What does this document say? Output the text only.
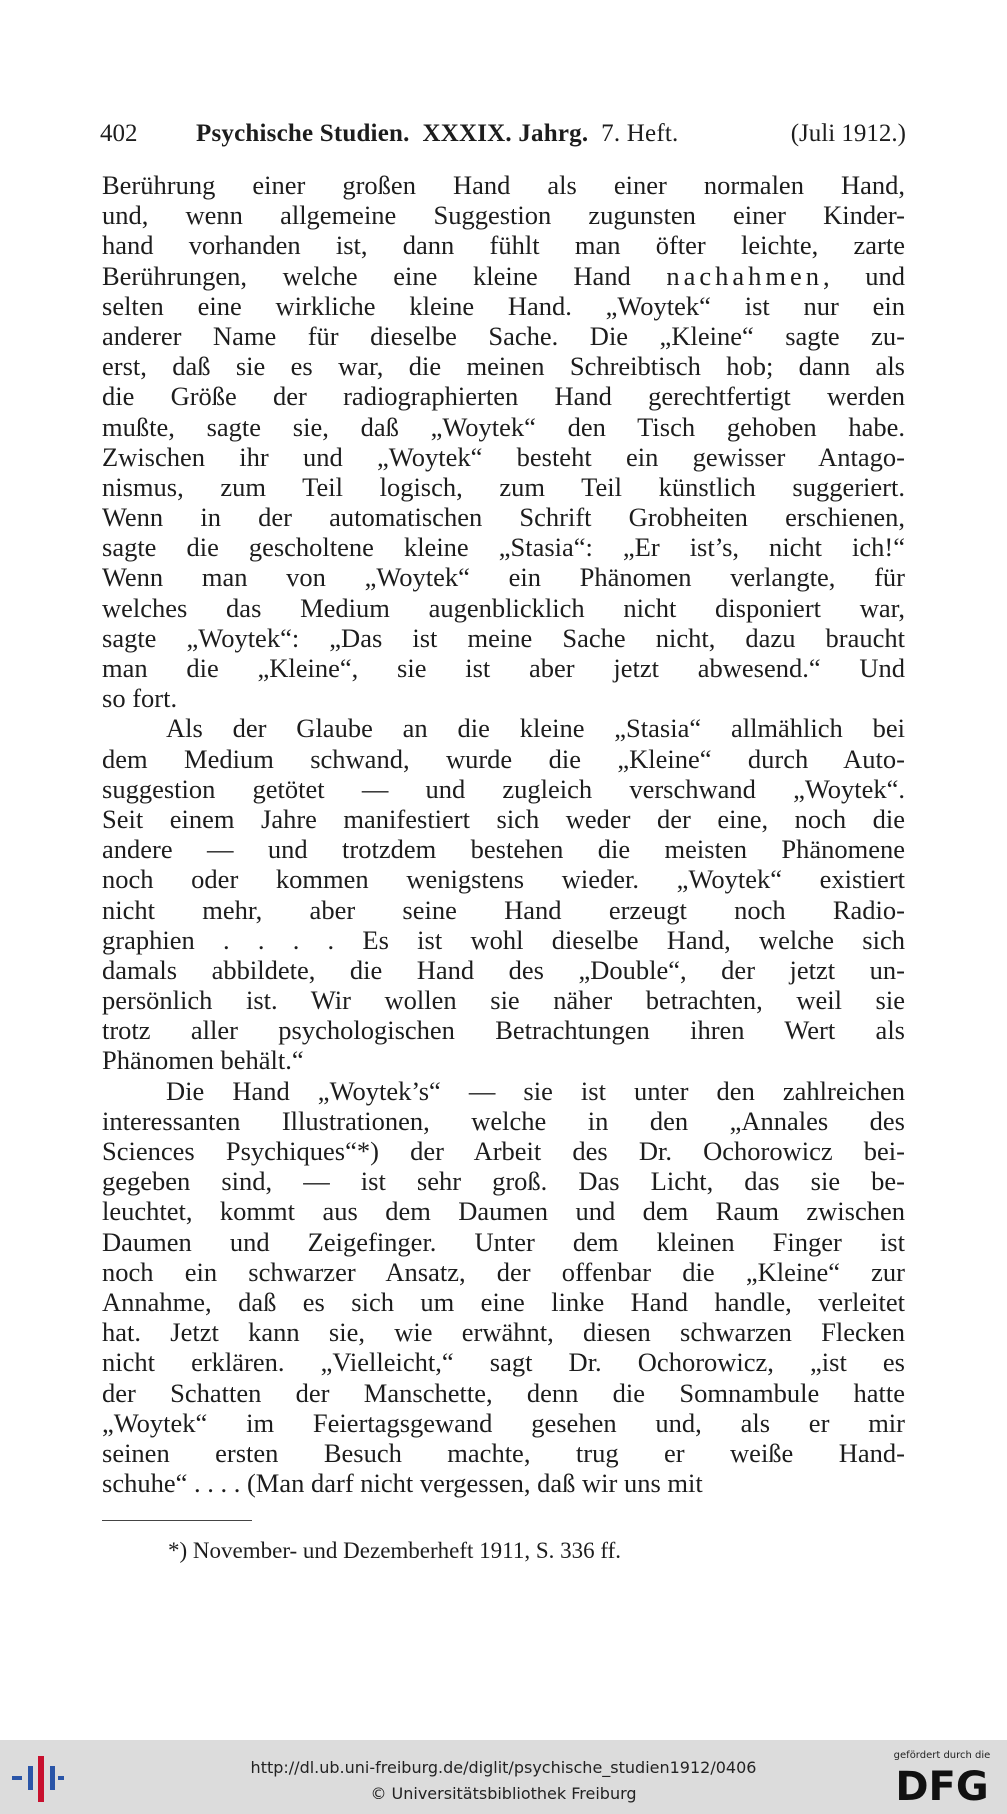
402 Psychische Studien. XXXIX. Jahrg. 7. Heft.	(Juli 1912.)
Berührung einer großen Hand als einer normalen Hand,
und, wenn allgemeine Suggestion zugunsten einer Kinder-
hand vorhanden ist, dann fühlt man öfter leichte, zarte
Berührungen, welche eine kleine Hand nachahmen, und
selten eine wirkliche kleine Hand. „Woytek“ ist nur ein
anderer Name für dieselbe Sache. Die „Kleine“ sagte zu-
erst, daß sie es war, die meinen Schreibtisch hob; dann als
die Größe der radiographierten Hand gerechtfertigt werden
mußte, sagte sie, daß „Woytek“ den Tisch gehoben habe.
Zwischen ihr und „Woytek“ besteht ein gewisser Antago-
nismus, zum Teil logisch, zum Teil künstlich suggeriert.
Wenn in der automatischen Schrift Grobheiten erschienen,
sagte die gescholtene kleine „Stasia“: „Er ist’s, nicht ich!“
Wenn man von „Woytek“ ein Phänomen verlangte, für
welches das Medium augenblicklich nicht disponiert war,
sagte „Woytek“: „Das ist meine Sache nicht, dazu braucht
man die „Kleine“, sie ist aber jetzt abwesend.“ Und
so fort.
Als der Glaube an die kleine „Stasia“ allmählich bei
dem Medium schwand, wurde die „Kleine“ durch Auto-
suggestion getötet — und zugleich verschwand „Woytek“.
Seit einem Jahre manifestiert sich weder der eine, noch die
andere — und trotzdem bestehen die meisten Phänomene
noch oder kommen wenigstens wieder. „Woytek“ existiert
nicht mehr, aber seine Hand erzeugt noch Radio-
graphien . . . . Es ist wohl dieselbe Hand, welche sich
damals abbildete, die Hand des „Double“, der jetzt un-
persönlich ist. Wir wollen sie näher betrachten, weil sie
trotz aller psychologischen Betrachtungen ihren Wert als
Phänomen behält.“
Die Hand „Woytek’s“ — sie ist unter den zahlreichen
interessanten Illustrationen, welche in den „Annales des
Sciences Psychiques“*) der Arbeit des Dr. Ochorowicz bei-
gegeben sind, — ist sehr groß. Das Licht, das sie be-
leuchtet, kommt aus dem Daumen und dem Raum zwischen
Daumen und Zeigefinger. Unter dem kleinen Finger ist
noch ein schwarzer Ansatz, der offenbar die „Kleine“ zur
Annahme, daß es sich um eine linke Hand handle, verleitet
hat. Jetzt kann sie, wie erwähnt, diesen schwarzen Flecken
nicht erklären. „Vielleicht,“ sagt Dr. Ochorowicz, „ist es
der Schatten der Manschette, denn die Somnambule hatte
„Woytek“ im Feiertagsgewand gesehen und, als er mir
seinen ersten Besuch machte, trug er weiße Hand-
schuhe“ . . . . (Man darf nicht vergessen, daß wir uns mit
*) November- und Dezemberheft 1911, S. 336 ff.
http://dl.ub.uni-freiburg.de/diglit/psychische_studien1912/0406
© Universitätsbibliothek Freiburg
gefördert durch die
DFG
